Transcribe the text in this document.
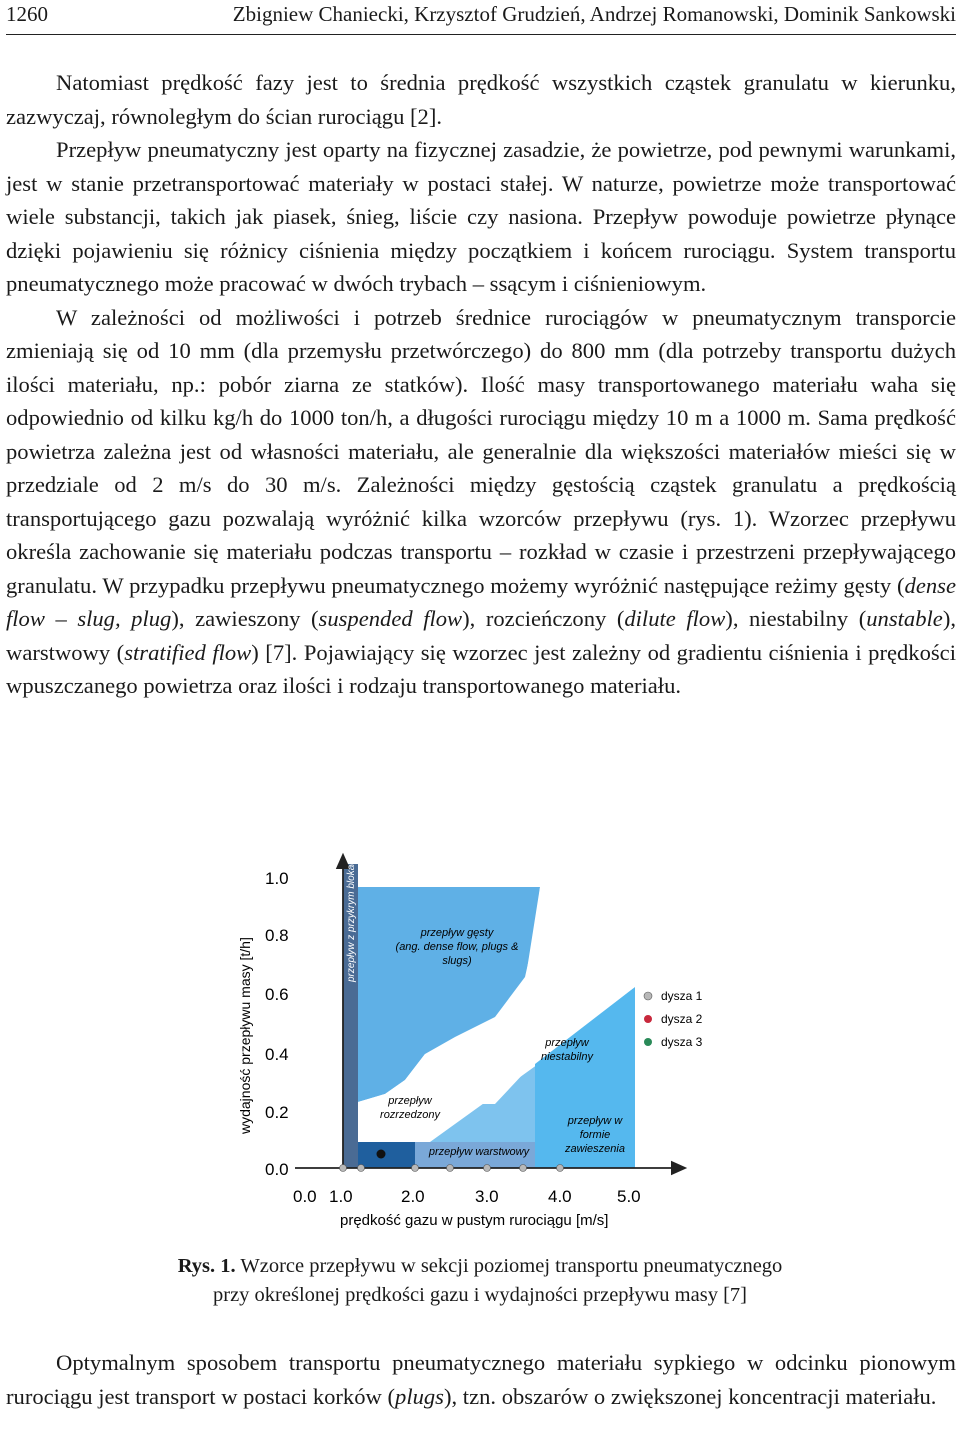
1260	Zbigniew Chaniecki, Krzysztof Grudzień, Andrzej Romanowski, Dominik Sankowski

Natomiast prędkość fazy jest to średnia prędkość wszystkich cząstek granulatu w kierunku, zazwyczaj, równoległym do ścian rurociągu [2].

Przepływ pneumatyczny jest oparty na fizycznej zasadzie, że powietrze, pod pewnymi warunkami, jest w stanie przetransportować materiały w postaci stałej. W naturze, powietrze może transportować wiele substancji, takich jak piasek, śnieg, liście czy nasiona. Przepływ powoduje powietrze płynące dzięki pojawieniu się różnicy ciśnienia między początkiem i końcem rurociągu. System transportu pneumatycznego może pracować w dwóch trybach – ssącym i ciśnieniowym.

W zależności od możliwości i potrzeb średnice rurociągów w pneumatycznym transporcie zmieniają się od 10 mm (dla przemysłu przetwórczego) do 800 mm (dla potrzeby transportu dużych ilości materiału, np.: pobór ziarna ze statków). Ilość masy transportowanego materiału waha się odpowiednio od kilku kg/h do 1000 ton/h, a długości rurociągu między 10 m a 1000 m. Sama prędkość powietrza zależna jest od własności materiału, ale generalnie dla większości materiałów mieści się w przedziale od 2 m/s do 30 m/s. Zależności między gęstością cząstek granulatu a prędkością transportującego gazu pozwalają wyróżnić kilka wzorców przepływu (rys. 1). Wzorzec przepływu określa zachowanie się materiału podczas transportu – rozkład w czasie i przestrzeni przepływającego granulatu. W przypadku przepływu pneumatycznego możemy wyróżnić następujące reżimy gęsty (dense flow – slug, plug), zawieszony (suspended flow), rozcieńczony (dilute flow), niestabilny (unstable), warstwowy (stratified flow) [7]. Pojawiający się wzorzec jest zależny od gradientu ciśnienia i prędkości wpuszczanego powietrza oraz ilości i rodzaju transportowanego materiału.

1.0
0.8
0.6
0.4
0.2
0.0
0.0 1.0	2.0	3.0	4.0	5.0
wydajność przepływu masy [t/h]
prędkość gazu w pustym rurociągu [m/s]
przepływ z przykrym blokady	przepływ gęsty
(ang. dense flow, plugs &
slugs)
przepływ
niestabilny
przepływ
rozrzedzony
przepływ warstwowy
przepływ w
formie
zawieszenia
dysza 1
dysza 2
dysza 3
Rys. 1. Wzorce przepływu w sekcji poziomej transportu pneumatycznego
przy określonej prędkości gazu i wydajności przepływu masy [7]

Optymalnym sposobem transportu pneumatycznego materiału sypkiego w odcinku pionowym rurociągu jest transport w postaci korków (plugs), tzn. obszarów o zwiększonej koncentracji materiału.
